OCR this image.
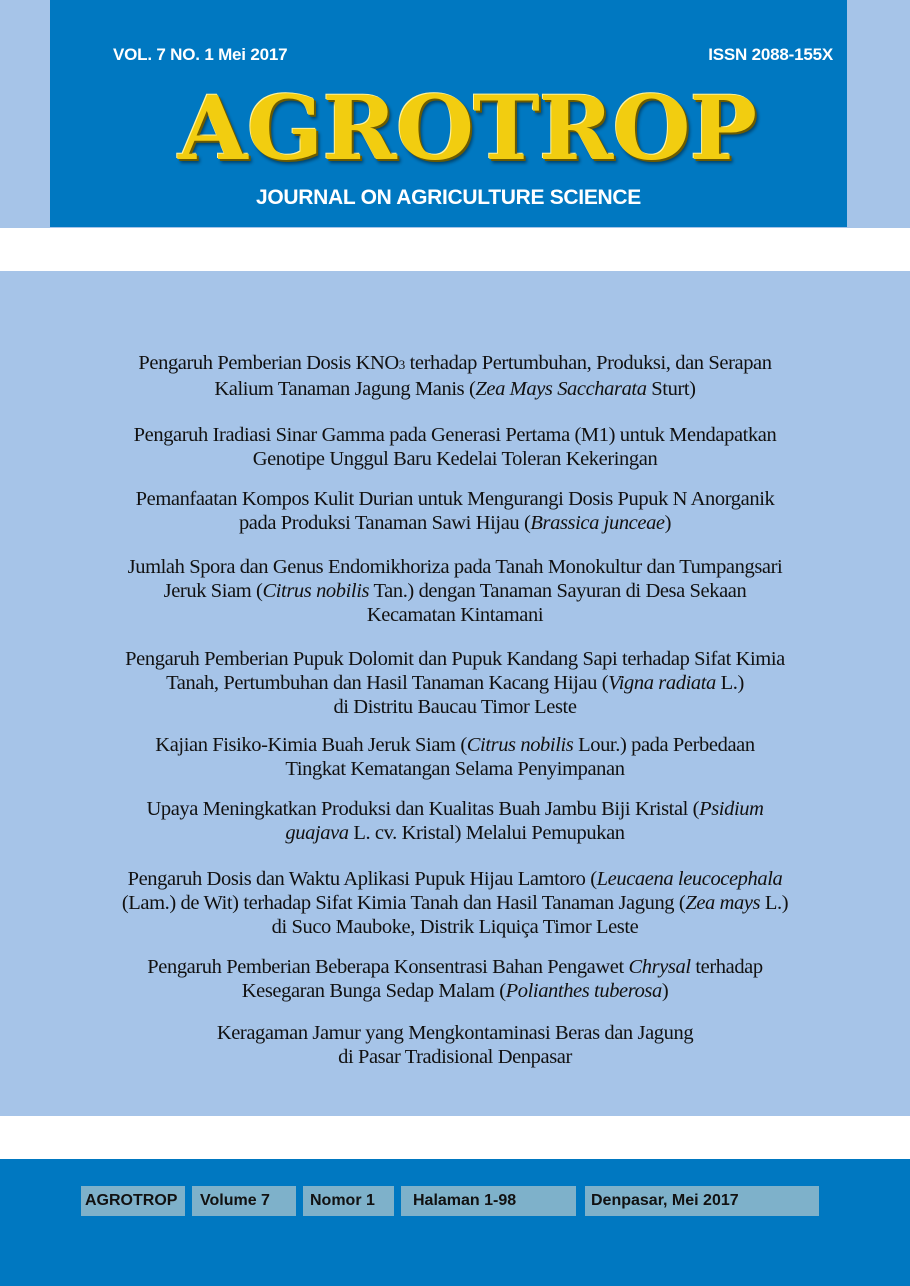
VOL. 7 NO. 1 Mei 2017	ISSN 2088-155X
AGROTROP
JOURNAL ON AGRICULTURE SCIENCE
Pengaruh Pemberian Dosis KNO3 terhadap Pertumbuhan, Produksi, dan Serapan
Kalium Tanaman Jagung Manis (Zea Mays Saccharata Sturt)
Pengaruh Iradiasi Sinar Gamma pada Generasi Pertama (M1) untuk Mendapatkan
Genotipe Unggul Baru Kedelai Toleran Kekeringan
Pemanfaatan Kompos Kulit Durian untuk Mengurangi Dosis Pupuk N Anorganik
pada Produksi Tanaman Sawi Hijau (Brassica junceae)
Jumlah Spora dan Genus Endomikhoriza pada Tanah Monokultur dan Tumpangsari
Jeruk Siam (Citrus nobilis Tan.) dengan Tanaman Sayuran di Desa Sekaan
Kecamatan Kintamani
Pengaruh Pemberian Pupuk Dolomit dan Pupuk Kandang Sapi terhadap Sifat Kimia
Tanah, Pertumbuhan dan Hasil Tanaman Kacang Hijau (Vigna radiata L.)
di Distritu Baucau Timor Leste
Kajian Fisiko-Kimia Buah Jeruk Siam (Citrus nobilis Lour.) pada Perbedaan
Tingkat Kematangan Selama Penyimpanan
Upaya Meningkatkan Produksi dan Kualitas Buah Jambu Biji Kristal (Psidium
guajava L. cv. Kristal) Melalui Pemupukan
Pengaruh Dosis dan Waktu Aplikasi Pupuk Hijau Lamtoro (Leucaena leucocephala
(Lam.) de Wit) terhadap Sifat Kimia Tanah dan Hasil Tanaman Jagung (Zea mays L.)
di Suco Mauboke, Distrik Liquiça Timor Leste
Pengaruh Pemberian Beberapa Konsentrasi Bahan Pengawet Chrysal terhadap
Kesegaran Bunga Sedap Malam (Polianthes tuberosa)
Keragaman Jamur yang Mengkontaminasi Beras dan Jagung
di Pasar Tradisional Denpasar
AGROTROP	Volume 7	Nomor 1	Halaman 1-98	Denpasar, Mei 2017
